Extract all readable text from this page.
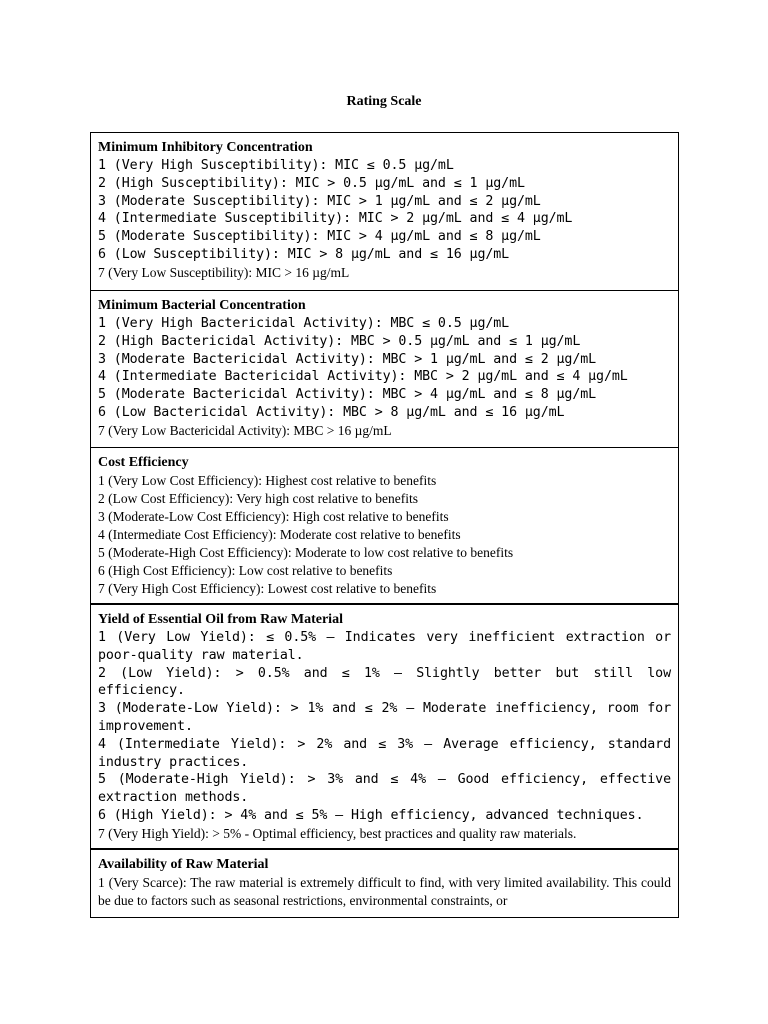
Rating Scale
Minimum Inhibitory Concentration
1 (Very High Susceptibility): MIC ≤ 0.5 µg/mL
2 (High Susceptibility): MIC > 0.5 µg/mL and ≤ 1 µg/mL
3 (Moderate Susceptibility): MIC > 1 µg/mL and ≤ 2 µg/mL
4 (Intermediate Susceptibility): MIC > 2 µg/mL and ≤ 4 µg/mL
5 (Moderate Susceptibility): MIC > 4 µg/mL and ≤ 8 µg/mL
6 (Low Susceptibility): MIC > 8 µg/mL and ≤ 16 µg/mL
7 (Very Low Susceptibility): MIC > 16 µg/mL
Minimum Bacterial Concentration
1 (Very High Bactericidal Activity): MBC ≤ 0.5 µg/mL
2 (High Bactericidal Activity): MBC > 0.5 µg/mL and ≤ 1 µg/mL
3 (Moderate Bactericidal Activity): MBC > 1 µg/mL and ≤ 2 µg/mL
4 (Intermediate Bactericidal Activity): MBC > 2 µg/mL and ≤ 4 µg/mL
5 (Moderate Bactericidal Activity): MBC > 4 µg/mL and ≤ 8 µg/mL
6 (Low Bactericidal Activity): MBC > 8 µg/mL and ≤ 16 µg/mL
7 (Very Low Bactericidal Activity): MBC > 16 µg/mL
Cost Efficiency
1 (Very Low Cost Efficiency): Highest cost relative to benefits
2 (Low Cost Efficiency): Very high cost relative to benefits
3 (Moderate-Low Cost Efficiency): High cost relative to benefits
4 (Intermediate Cost Efficiency): Moderate cost relative to benefits
5 (Moderate-High Cost Efficiency): Moderate to low cost relative to benefits
6 (High Cost Efficiency): Low cost relative to benefits
7 (Very High Cost Efficiency): Lowest cost relative to benefits
Yield of Essential Oil from Raw Material
1 (Very Low Yield): ≤ 0.5% – Indicates very inefficient extraction or poor-quality raw material.
2 (Low Yield): > 0.5% and ≤ 1% – Slightly better but still low efficiency.
3 (Moderate-Low Yield): > 1% and ≤ 2% – Moderate inefficiency, room for improvement.
4 (Intermediate Yield): > 2% and ≤ 3% – Average efficiency, standard industry practices.
5 (Moderate-High Yield): > 3% and ≤ 4% – Good efficiency, effective extraction methods.
6 (High Yield): > 4% and ≤ 5% – High efficiency, advanced techniques.
7 (Very High Yield): > 5% - Optimal efficiency, best practices and quality raw materials.
Availability of Raw Material
1 (Very Scarce): The raw material is extremely difficult to find, with very limited availability. This could be due to factors such as seasonal restrictions, environmental constraints, or
